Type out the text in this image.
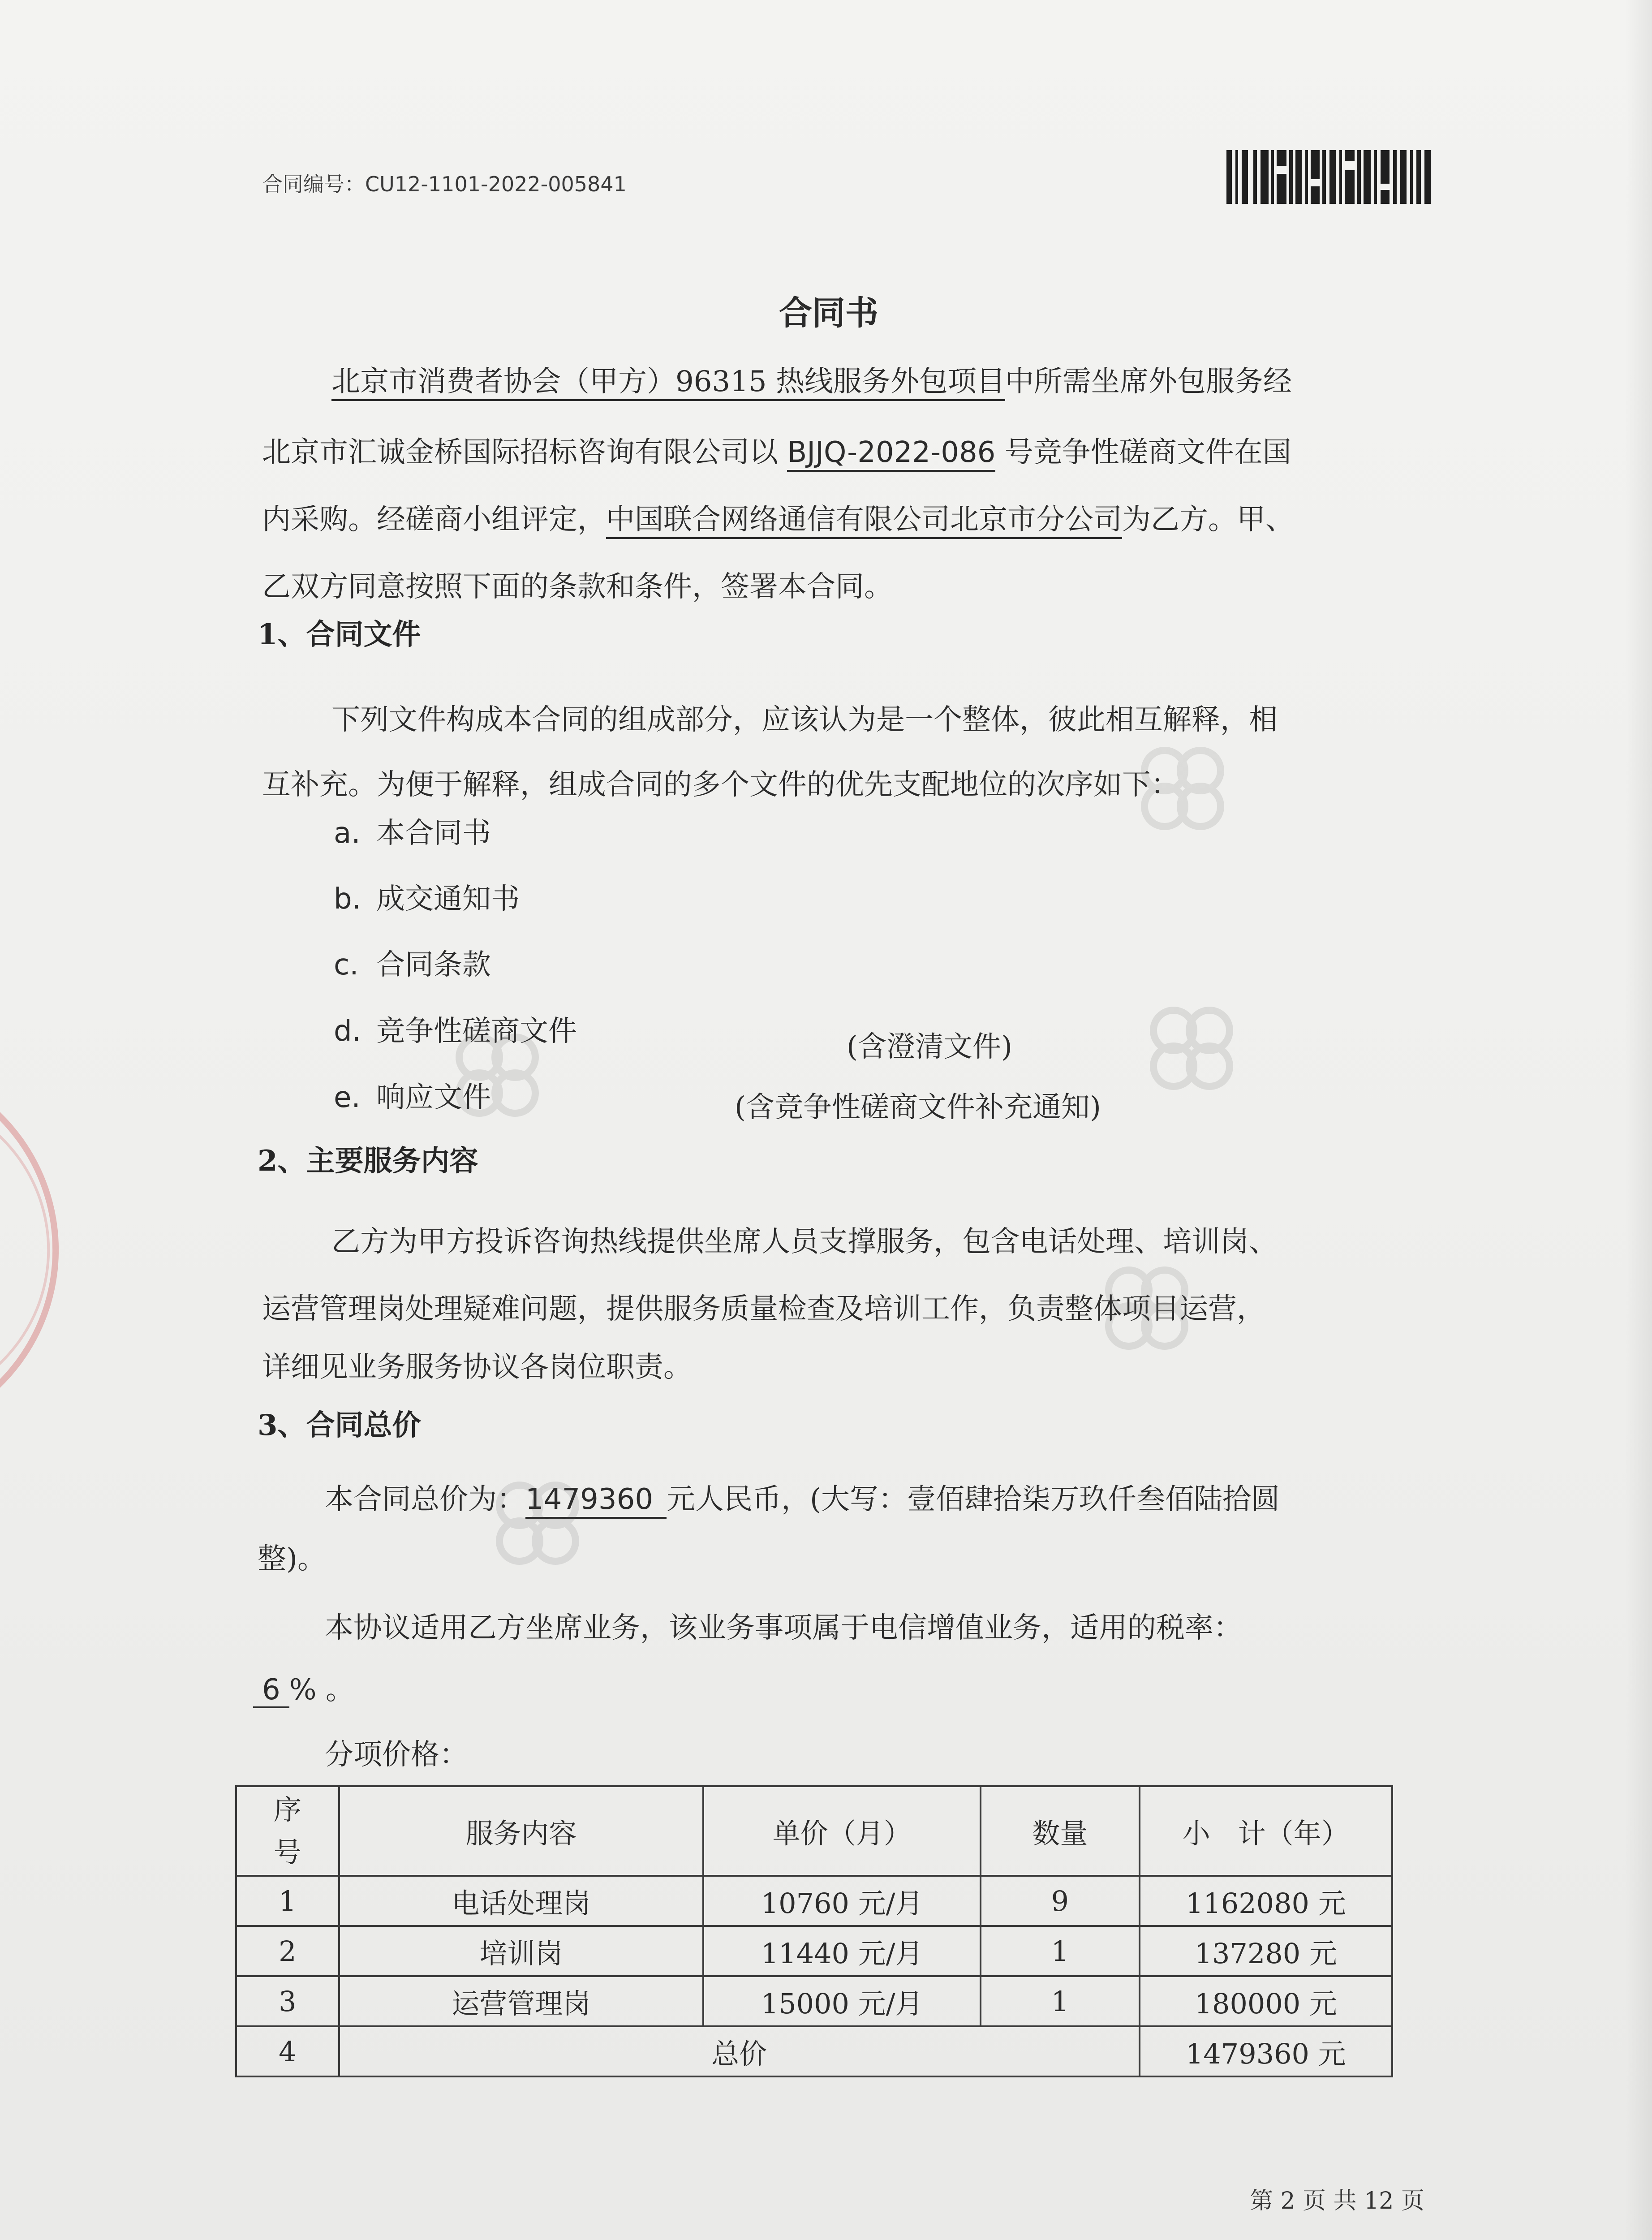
合同编号：CU12-1101-2022-005841
合同书
北京市消费者协会（甲方）96315 热线服务外包项目中所需坐席外包服务经
北京市汇诚金桥国际招标咨询有限公司以 BJJQ-2022-086 号竞争性磋商文件在国
内采购。经磋商小组评定，中国联合网络通信有限公司北京市分公司为乙方。甲、
乙双方同意按照下面的条款和条件，签署本合同。
1、合同文件
下列文件构成本合同的组成部分，应该认为是一个整体，彼此相互解释，相
互补充。为便于解释，组成合同的多个文件的优先支配地位的次序如下：
a. 本合同书
b. 成交通知书
c. 合同条款
d. 竞争性磋商文件	(含澄清文件)
e. 响应文件	(含竞争性磋商文件补充通知)
2、主要服务内容
乙方为甲方投诉咨询热线提供坐席人员支撑服务，包含电话处理、培训岗、
运营管理岗处理疑难问题，提供服务质量检查及培训工作，负责整体项目运营，
详细见业务服务协议各岗位职责。
3、合同总价
本合同总价为：1479360 元人民币，(大写：壹佰肆拾柒万玖仟叁佰陆拾圆
整)。
本协议适用乙方坐席业务，该业务事项属于电信增值业务，适用的税率：
6 % 。
分项价格：
序号	服务内容	单价（月）	数量	小　计（年）
1	电话处理岗	10760 元/月	9	1162080 元
2	培训岗	11440 元/月	1	137280 元
3	运营管理岗	15000 元/月	1	180000 元
4	总价			1479360 元
第 2 页 共 12 页
